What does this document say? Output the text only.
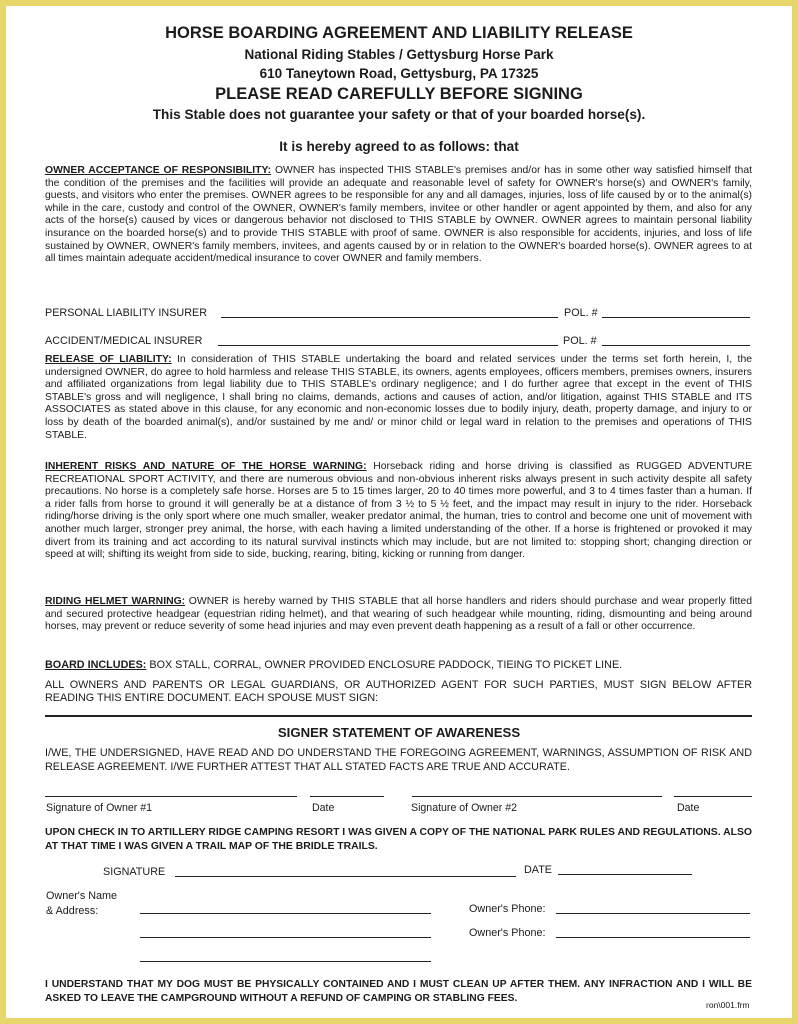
HORSE BOARDING AGREEMENT AND LIABILITY RELEASE
National Riding Stables / Gettysburg Horse Park
610 Taneytown Road, Gettysburg, PA 17325
PLEASE READ CAREFULLY BEFORE SIGNING
This Stable does not guarantee your safety or that of your boarded horse(s).
It is hereby agreed to as follows: that
OWNER ACCEPTANCE OF RESPONSIBILITY: OWNER has inspected THIS STABLE's premises and/or has in some other way satisfied himself that the condition of the premises and the facilities will provide an adequate and reasonable level of safety for OWNER's horse(s) and OWNER's family, guests, and visitors who enter the premises. OWNER agrees to be responsible for any and all damages, injuries, loss of life caused by or to the animal(s) while in the care, custody and control of the OWNER, OWNER's family members, invitee or other handler or agent appointed by them, and also for any acts of the horse(s) caused by vices or dangerous behavior not disclosed to THIS STABLE by OWNER. OWNER agrees to maintain personal liability insurance on the boarded horse(s) and to provide THIS STABLE with proof of same. OWNER is also responsible for accidents, injuries, and loss of life sustained by OWNER, OWNER's family members, invitees, and agents caused by or in relation to the OWNER's boarded horse(s). OWNER agrees to at all times maintain adequate accident/medical insurance to cover OWNER and family members.
PERSONAL LIABILITY INSURER	POL. #
ACCIDENT/MEDICAL INSURER	POL. #
RELEASE OF LIABILITY: In consideration of THIS STABLE undertaking the board and related services under the terms set forth herein, I, the undersigned OWNER, do agree to hold harmless and release THIS STABLE, its owners, agents employees, officers members, premises owners, insurers and affiliated organizations from legal liability due to THIS STABLE's ordinary negligence; and I do further agree that except in the event of THIS STABLE's gross and will negligence, I shall bring no claims, demands, actions and causes of action, and/or litigation, against THIS STABLE and ITS ASSOCIATES as stated above in this clause, for any economic and non-economic losses due to bodily injury, death, property damage, and injury to or loss by death of the boarded animal(s), and/or sustained by me and/ or minor child or legal ward in relation to the premises and operations of THIS STABLE.
INHERENT RISKS AND NATURE OF THE HORSE WARNING: Horseback riding and horse driving is classified as RUGGED ADVENTURE RECREATIONAL SPORT ACTIVITY, and there are numerous obvious and non-obvious inherent risks always present in such activity despite all safety precautions. No horse is a completely safe horse. Horses are 5 to 15 times larger, 20 to 40 times more powerful, and 3 to 4 times faster than a human. If a rider falls from horse to ground it will generally be at a distance of from 3 ½ to 5 ½ feet, and the impact may result in injury to the rider. Horseback riding/horse driving is the only sport where one much smaller, weaker predator animal, the human, tries to control and become one unit of movement with another much larger, stronger prey animal, the horse, with each having a limited understanding of the other. If a horse is frightened or provoked it may divert from its training and act according to its natural survival instincts which may include, but are not limited to: stopping short; changing direction or speed at will; shifting its weight from side to side, bucking, rearing, biting, kicking or running from danger.
RIDING HELMET WARNING: OWNER is hereby warned by THIS STABLE that all horse handlers and riders should purchase and wear properly fitted and secured protective headgear (equestrian riding helmet), and that wearing of such headgear while mounting, riding, dismounting and being around horses, may prevent or reduce severity of some head injuries and may even prevent death happening as a result of a fall or other occurrence.
BOARD INCLUDES: BOX STALL, CORRAL, OWNER PROVIDED ENCLOSURE PADDOCK, TIEING TO PICKET LINE.
ALL OWNERS AND PARENTS OR LEGAL GUARDIANS, OR AUTHORIZED AGENT FOR SUCH PARTIES, MUST SIGN BELOW AFTER READING THIS ENTIRE DOCUMENT. EACH SPOUSE MUST SIGN:
SIGNER STATEMENT OF AWARENESS
I/WE, THE UNDERSIGNED, HAVE READ AND DO UNDERSTAND THE FOREGOING AGREEMENT, WARNINGS, ASSUMPTION OF RISK AND RELEASE AGREEMENT. I/WE FURTHER ATTEST THAT ALL STATED FACTS ARE TRUE AND ACCURATE.
Signature of Owner #1	Date	Signature of Owner #2	Date
UPON CHECK IN TO ARTILLERY RIDGE CAMPING RESORT I WAS GIVEN A COPY OF THE NATIONAL PARK RULES AND REGULATIONS. ALSO AT THAT TIME I WAS GIVEN A TRAIL MAP OF THE BRIDLE TRAILS.
SIGNATURE	DATE
Owner's Name
& Address:	Owner's Phone:
Owner's Phone:
I UNDERSTAND THAT MY DOG MUST BE PHYSICALLY CONTAINED AND I MUST CLEAN UP AFTER THEM. ANY INFRACTION AND I WILL BE ASKED TO LEAVE THE CAMPGROUND WITHOUT A REFUND OF CAMPING OR STABLING FEES.
ron\001.frm
